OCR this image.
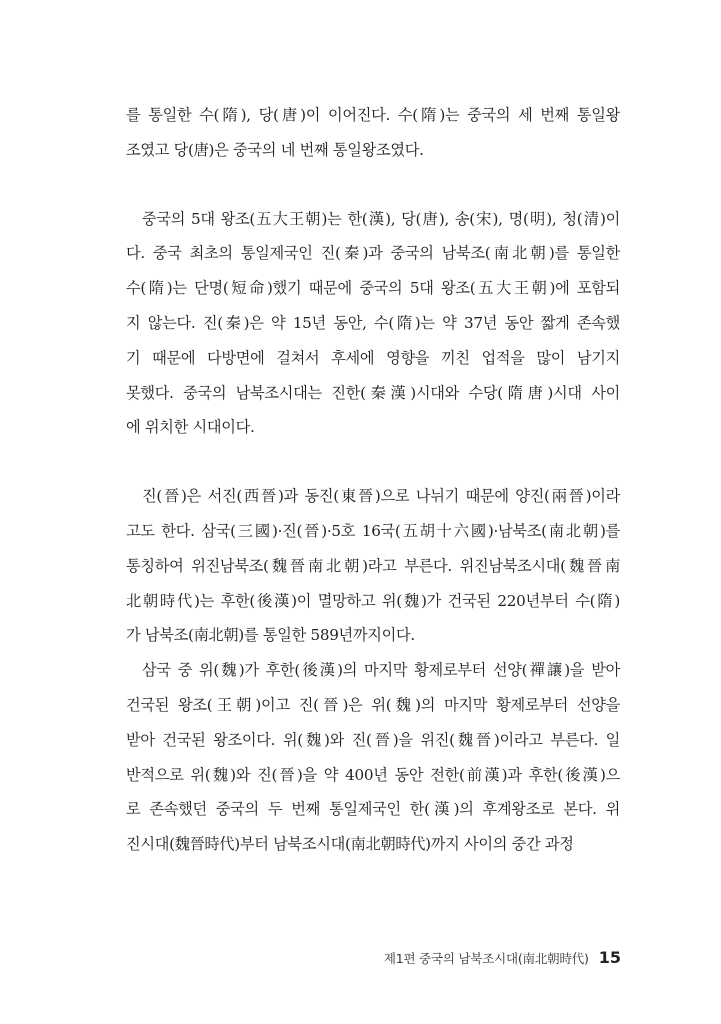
를 통일한 수(隋), 당(唐)이 이어진다. 수(隋)는 중국의 세 번째 통일왕
조였고 당(唐)은 중국의 네 번째 통일왕조였다.

중국의 5대 왕조(五大王朝)는 한(漢), 당(唐), 송(宋), 명(明), 청(清)이
다. 중국 최초의 통일제국인 진(秦)과 중국의 남북조(南北朝)를 통일한
수(隋)는 단명(短命)했기 때문에 중국의 5대 왕조(五大王朝)에 포함되
지 않는다. 진(秦)은 약 15년 동안, 수(隋)는 약 37년 동안 짧게 존속했
기 때문에 다방면에 걸쳐서 후세에 영향을 끼친 업적을 많이 남기지
못했다. 중국의 남북조시대는 진한(秦漢)시대와 수당(隋唐)시대 사이
에 위치한 시대이다.

진(晉)은 서진(西晉)과 동진(東晉)으로 나뉘기 때문에 양진(兩晉)이라
고도 한다. 삼국(三國)·진(晉)·5호 16국(五胡十六國)·남북조(南北朝)를
통칭하여 위진남북조(魏晉南北朝)라고 부른다. 위진남북조시대(魏晉南
北朝時代)는 후한(後漢)이 멸망하고 위(魏)가 건국된 220년부터 수(隋)
가 남북조(南北朝)를 통일한 589년까지이다.

삼국 중 위(魏)가 후한(後漢)의 마지막 황제로부터 선양(禪讓)을 받아
건국된 왕조(王朝)이고 진(晉)은 위(魏)의 마지막 황제로부터 선양을
받아 건국된 왕조이다. 위(魏)와 진(晉)을 위진(魏晉)이라고 부른다. 일
반적으로 위(魏)와 진(晉)을 약 400년 동안 전한(前漢)과 후한(後漢)으
로 존속했던 중국의 두 번째 통일제국인 한(漢)의 후계왕조로 본다. 위
진시대(魏晉時代)부터 남북조시대(南北朝時代)까지 사이의 중간 과정

제1편 중국의 남북조시대(南北朝時代) 15
